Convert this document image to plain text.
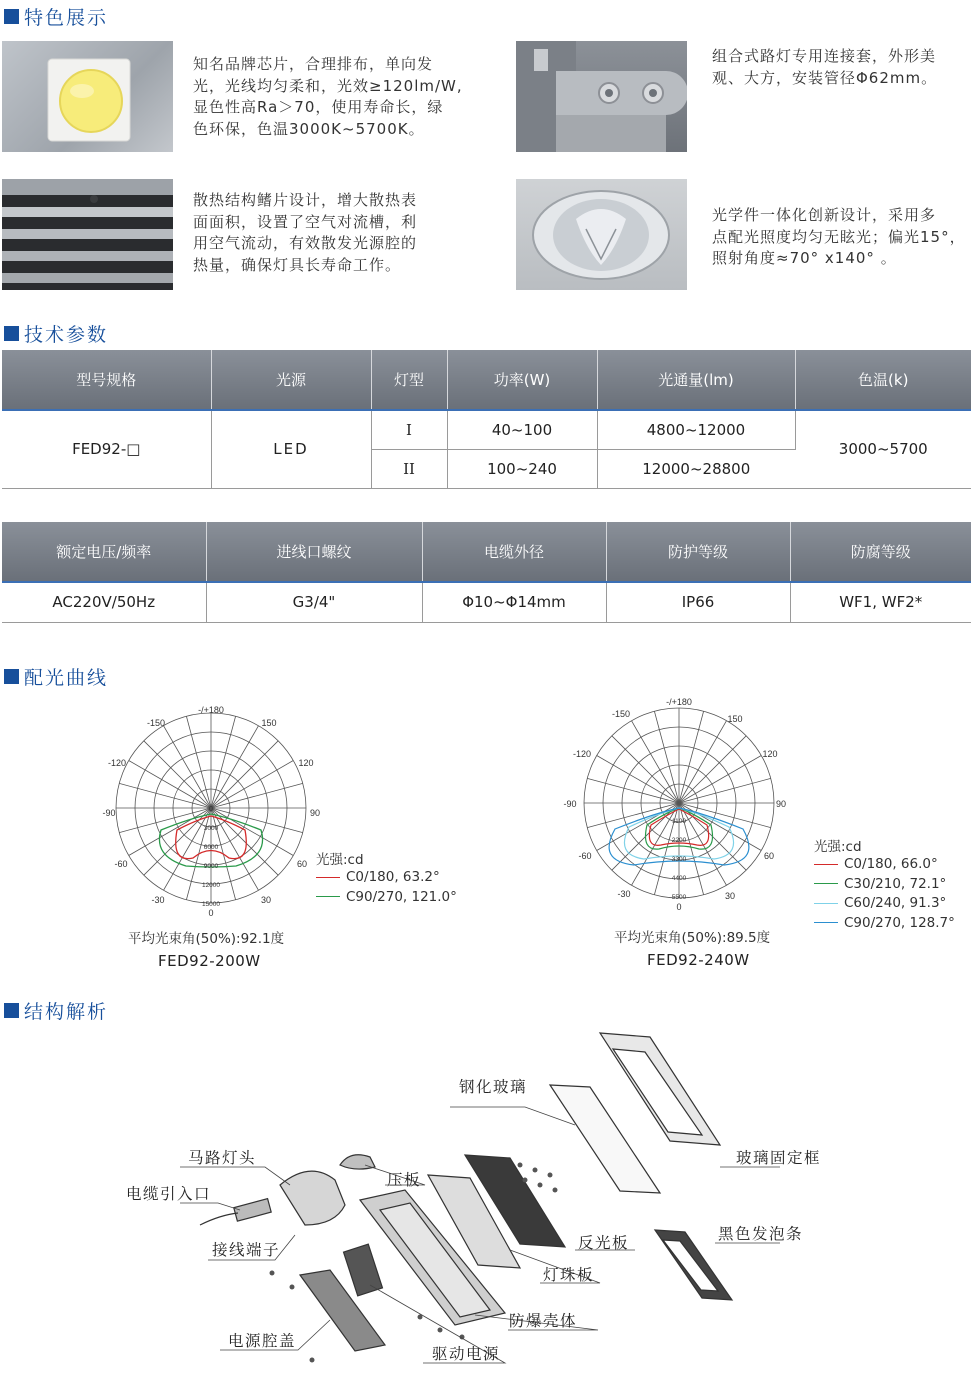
特色展示
知名品牌芯片，合理排布，单向发
光，光线均匀柔和，光效≥120lm/W,
显色性高Ra＞70，使用寿命长，绿
色环保，色温3000K~5700K。
组合式路灯专用连接套，外形美
观、大方，安装管径Φ62mm。
散热结构鳍片设计，增大散热表
面面积，设置了空气对流槽，利
用空气流动，有效散发光源腔的
热量，确保灯具长寿命工作。
光学件一体化创新设计，采用多
点配光照度均匀无眩光；偏光15°，
照射角度≈70° x140° 。
技术参数
型号规格	光源	灯型	功率(W)	光通量(lm)	色温(k)
FED92-□	LED	I	40~100	4800~12000	3000~5700
		II	100~240	12000~28800	
额定电压/频率	进线口螺纹	电缆外径	防护等级	防腐等级
AC220V/50Hz	G3/4"	Φ10~Φ14mm	IP66	WF1, WF2*
配光曲线
-/+180
-150	150
-120	120
-90	90
-60	60
-30	30
0
0
3000
6000
9000
12000
15000
光强:cd
C0/180, 63.2°
C90/270, 121.0°
平均光束角(50%):92.1度
FED92-200W
-/+180
-150	150
-120	120
-90	90
-60	60
-30	30
0
1100
2200
3300
4400
5500
光强:cd
C0/180, 66.0°
C30/210, 72.1°
C60/240, 91.3°
C90/270, 128.7°
平均光束角(50%):89.5度
FED92-240W
结构解析
钢化玻璃
马路灯头
电缆引入口
压板
玻璃固定框
接线端子	反光板	黑色发泡条
灯珠板
防爆壳体
电源腔盖
驱动电源
